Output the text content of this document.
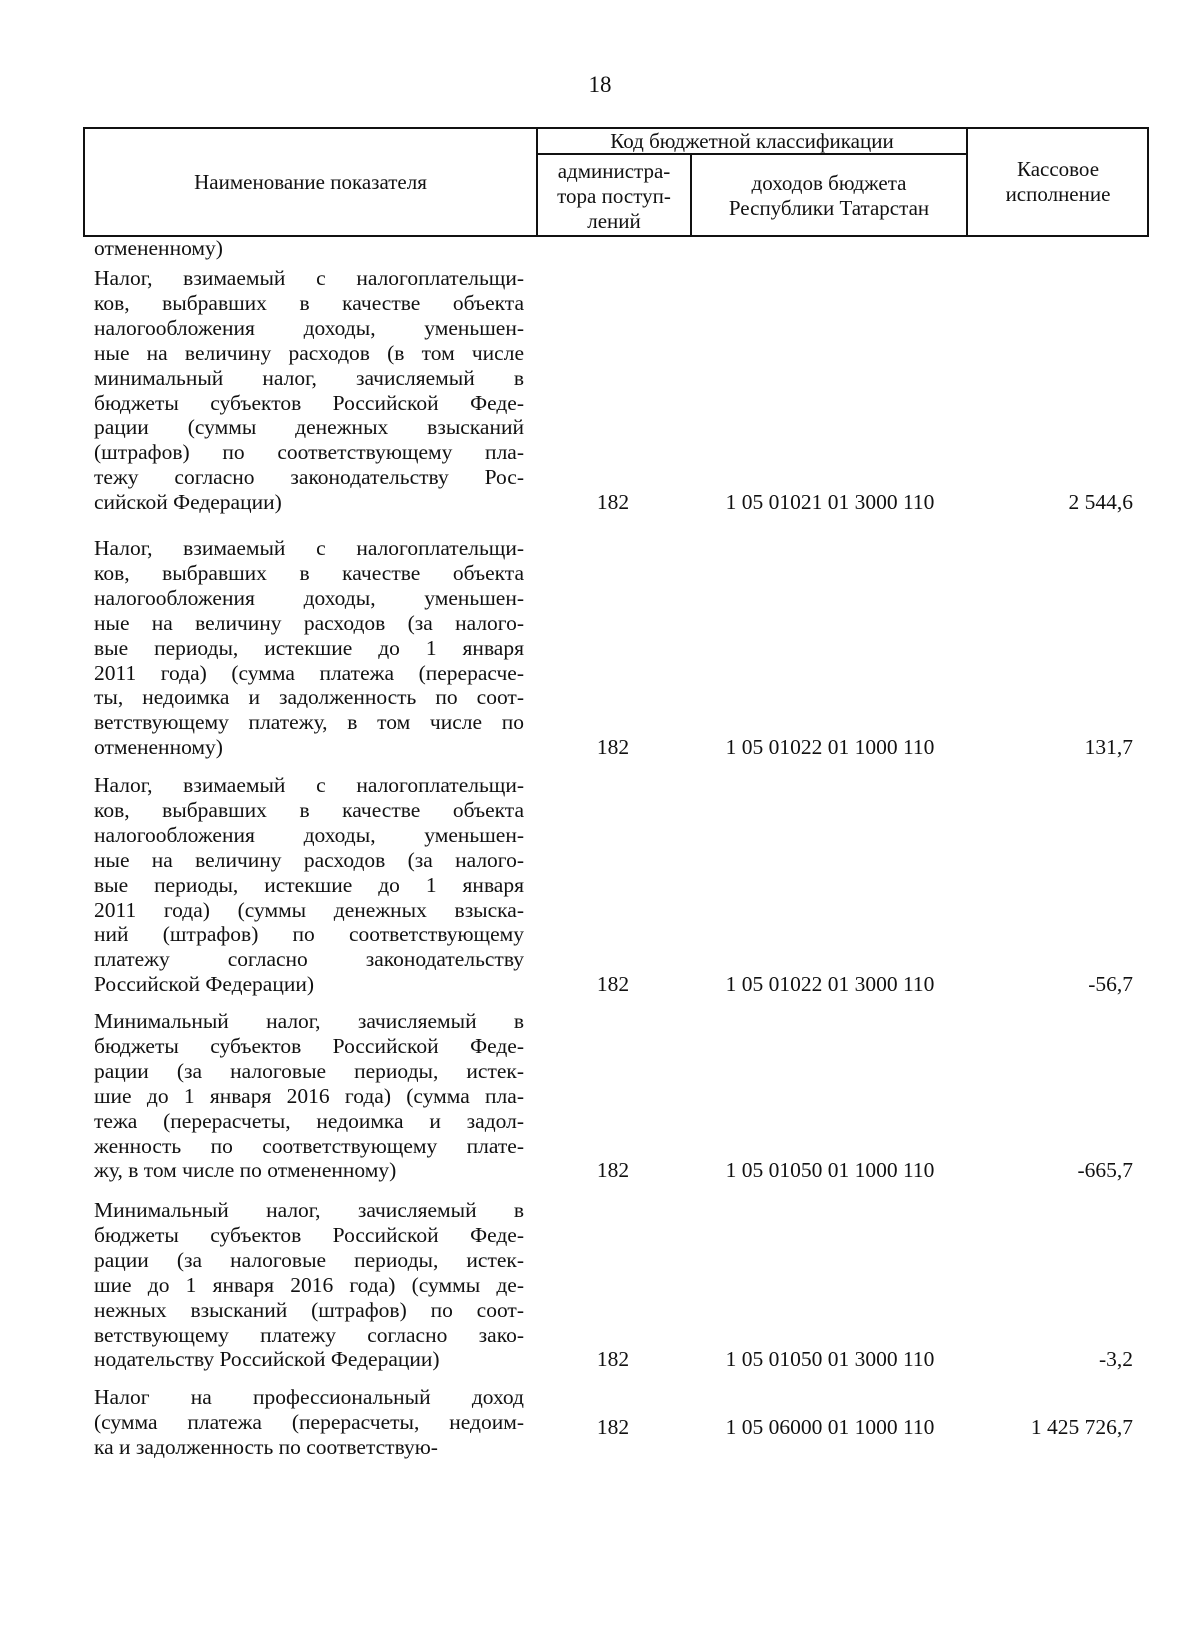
18
Наименование показателя
Код бюджетной классификации
администра-
тора поступ-
лений
доходов бюджета
Республики Татарстан
Кассовое
исполнение
отмененному)
Налог, взимаемый с налогоплательщи-
ков, выбравших в качестве объекта
налогообложения доходы, уменьшен-
ные на величину расходов (в том числе
минимальный налог, зачисляемый в
бюджеты субъектов Российской Феде-
рации (суммы денежных взысканий
(штрафов) по соответствующему пла-
тежу согласно законодательству Рос-
сийской Федерации)	182	1 05 01021 01 3000 110	2 544,6
Налог, взимаемый с налогоплательщи-
ков, выбравших в качестве объекта
налогообложения доходы, уменьшен-
ные на величину расходов (за налого-
вые периоды, истекшие до 1 января
2011 года) (сумма платежа (перерасче-
ты, недоимка и задолженность по соот-
ветствующему платежу, в том числе по
отмененному)	182	1 05 01022 01 1000 110	131,7
Налог, взимаемый с налогоплательщи-
ков, выбравших в качестве объекта
налогообложения доходы, уменьшен-
ные на величину расходов (за налого-
вые периоды, истекшие до 1 января
2011 года) (суммы денежных взыска-
ний (штрафов) по соответствующему
платежу согласно законодательству
Российской Федерации)	182	1 05 01022 01 3000 110	-56,7
Минимальный налог, зачисляемый в
бюджеты субъектов Российской Феде-
рации (за налоговые периоды, истек-
шие до 1 января 2016 года) (сумма пла-
тежа (перерасчеты, недоимка и задол-
женность по соответствующему плате-
жу, в том числе по отмененному)	182	1 05 01050 01 1000 110	-665,7
Минимальный налог, зачисляемый в
бюджеты субъектов Российской Феде-
рации (за налоговые периоды, истек-
шие до 1 января 2016 года) (суммы де-
нежных взысканий (штрафов) по соот-
ветствующему платежу согласно зако-
нодательству Российской Федерации)	182	1 05 01050 01 3000 110	-3,2
Налог на профессиональный доход
(сумма платежа (перерасчеты, недоим-
ка и задолженность по соответствую-
182	1 05 06000 01 1000 110	1 425 726,7
